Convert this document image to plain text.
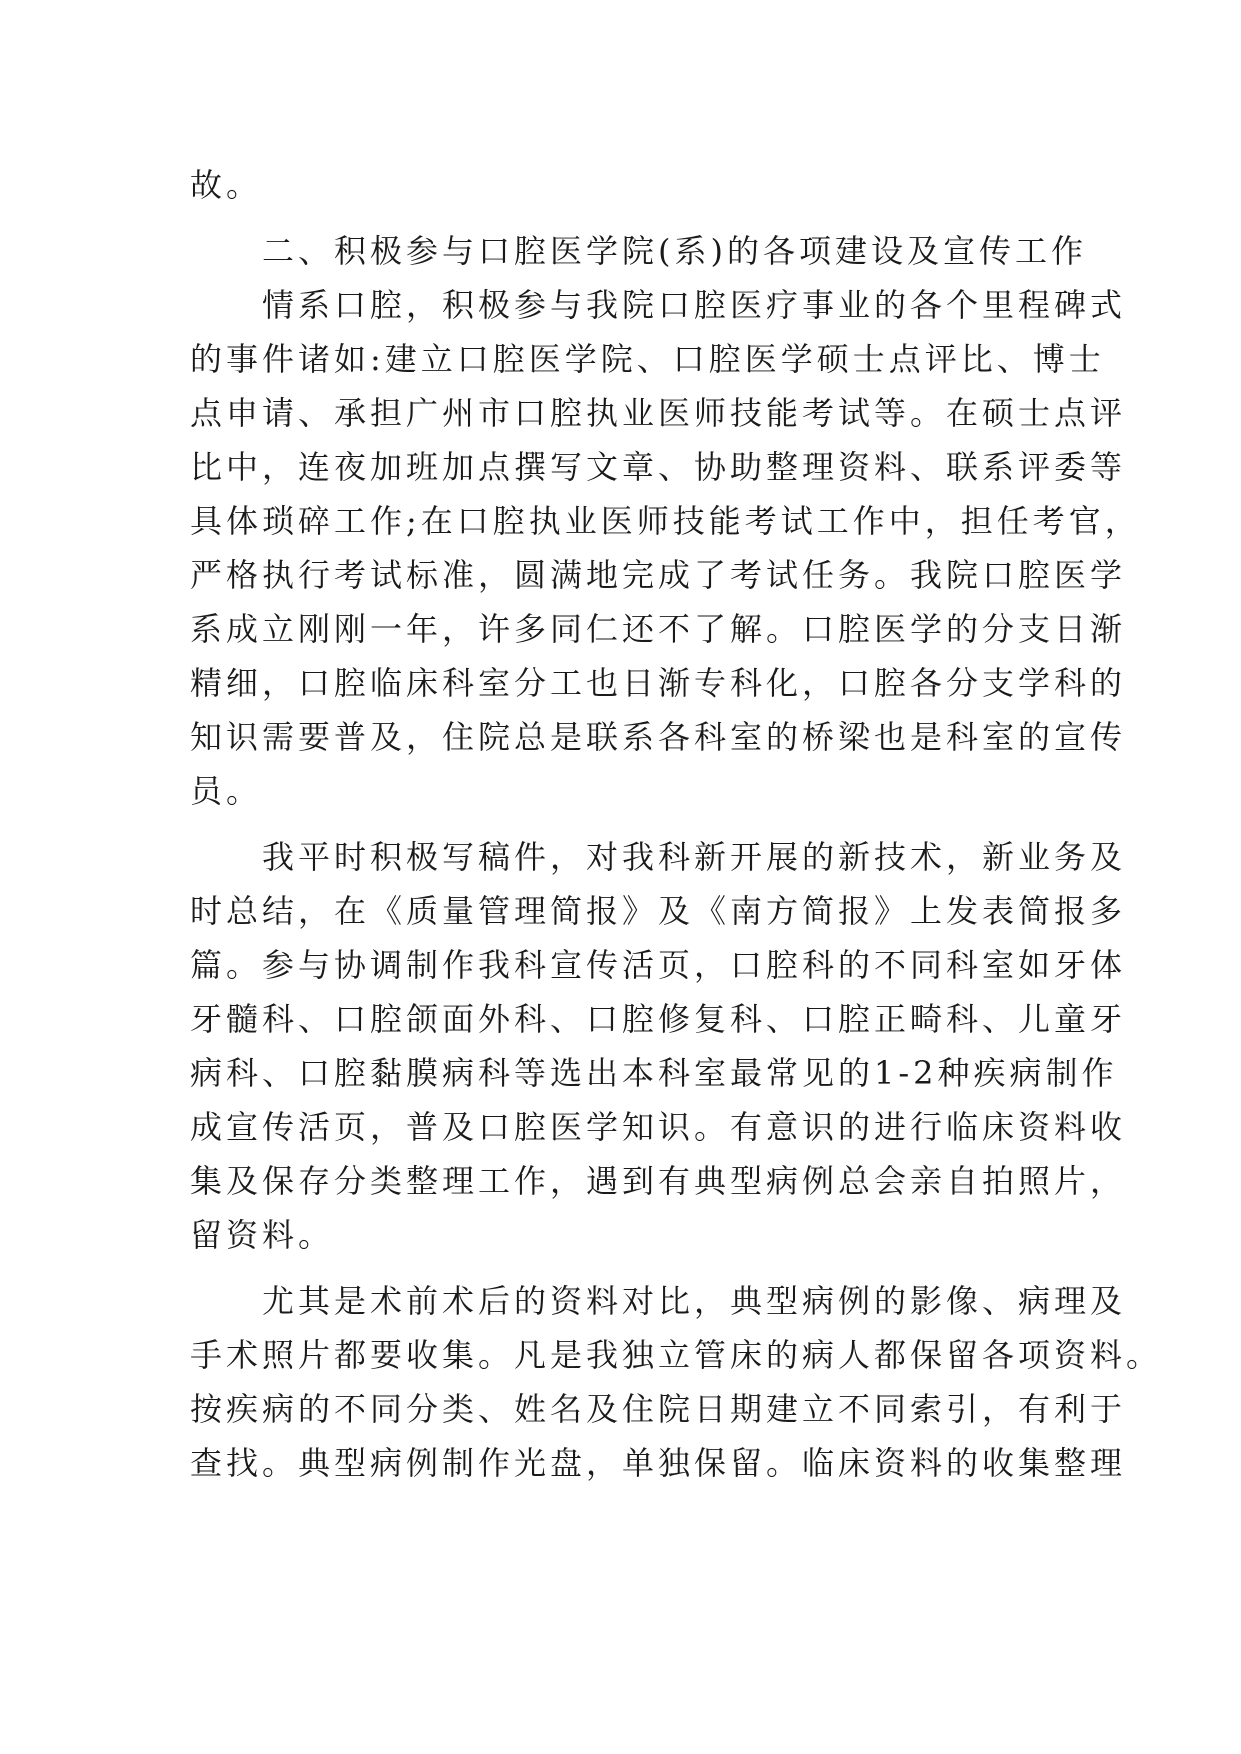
故。
二、积极参与口腔医学院(系)的各项建设及宣传工作
情系口腔，积极参与我院口腔医疗事业的各个里程碑式
的事件诸如:建立口腔医学院、口腔医学硕士点评比、博士
点申请、承担广州市口腔执业医师技能考试等。在硕士点评
比中，连夜加班加点撰写文章、协助整理资料、联系评委等
具体琐碎工作;在口腔执业医师技能考试工作中，担任考官，
严格执行考试标准，圆满地完成了考试任务。我院口腔医学
系成立刚刚一年，许多同仁还不了解。口腔医学的分支日渐
精细，口腔临床科室分工也日渐专科化，口腔各分支学科的
知识需要普及，住院总是联系各科室的桥梁也是科室的宣传
员。
我平时积极写稿件，对我科新开展的新技术，新业务及
时总结，在《质量管理简报》及《南方简报》上发表简报多
篇。参与协调制作我科宣传活页，口腔科的不同科室如牙体
牙髓科、口腔颌面外科、口腔修复科、口腔正畸科、儿童牙
病科、口腔黏膜病科等选出本科室最常见的1-2种疾病制作
成宣传活页，普及口腔医学知识。有意识的进行临床资料收
集及保存分类整理工作，遇到有典型病例总会亲自拍照片，
留资料。
尤其是术前术后的资料对比，典型病例的影像、病理及
手术照片都要收集。凡是我独立管床的病人都保留各项资料。
按疾病的不同分类、姓名及住院日期建立不同索引，有利于
查找。典型病例制作光盘，单独保留。临床资料的收集整理
